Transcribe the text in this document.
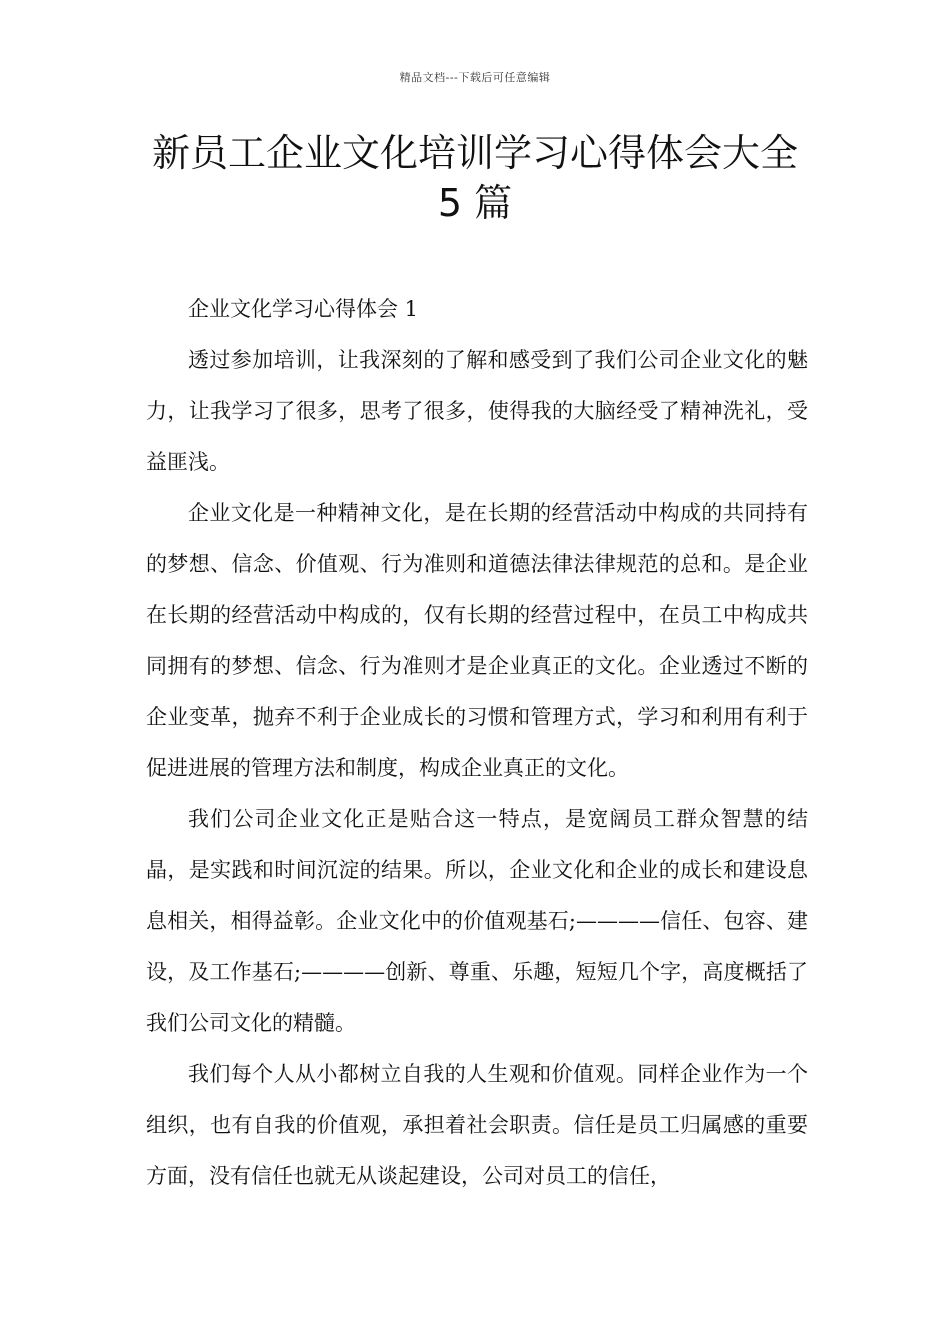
精品文档---下载后可任意编辑
新员工企业文化培训学习心得体会大全
5 篇

企业文化学习心得体会 1

透过参加培训，让我深刻的了解和感受到了我们公司企业文化的魅力，让我学习了很多，思考了很多，使得我的大脑经受了精神洗礼，受益匪浅。

企业文化是一种精神文化，是在长期的经营活动中构成的共同持有的梦想、信念、价值观、行为准则和道德法律法律规范的总和。是企业在长期的经营活动中构成的，仅有长期的经营过程中，在员工中构成共同拥有的梦想、信念、行为准则才是企业真正的文化。企业透过不断的企业变革，抛弃不利于企业成长的习惯和管理方式，学习和利用有利于促进进展的管理方法和制度，构成企业真正的文化。

我们公司企业文化正是贴合这一特点，是宽阔员工群众智慧的结晶，是实践和时间沉淀的结果。所以，企业文化和企业的成长和建设息息相关，相得益彰。企业文化中的价值观基石;————信任、包容、建设，及工作基石;————创新、尊重、乐趣，短短几个字，高度概括了我们公司文化的精髓。

我们每个人从小都树立自我的人生观和价值观。同样企业作为一个组织，也有自我的价值观，承担着社会职责。信任是员工归属感的重要方面，没有信任也就无从谈起建设，公司对员工的信任，
